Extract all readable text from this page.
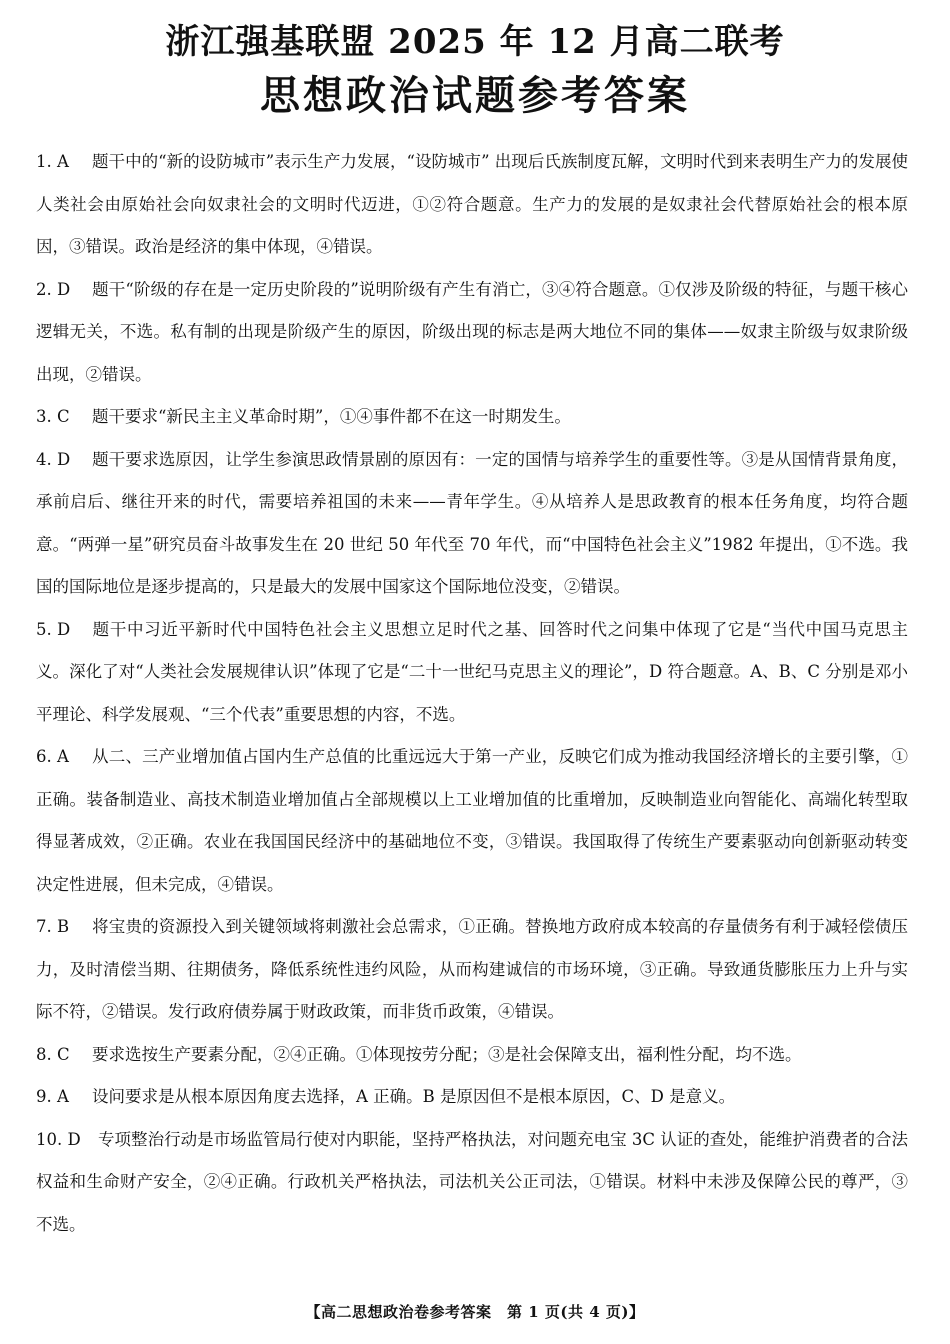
浙江强基联盟 2025 年 12 月高二联考
思想政治试题参考答案

1. A 题干中的“新的设防城市”表示生产力发展，“设防城市” 出现后氏族制度瓦解，文明时代到来表明生产力的发展使人类社会由原始社会向奴隶社会的文明时代迈进，①②符合题意。生产力的发展的是奴隶社会代替原始社会的根本原因，③错误。政治是经济的集中体现，④错误。

2. D 题干“阶级的存在是一定历史阶段的”说明阶级有产生有消亡，③④符合题意。①仅涉及阶级的特征，与题干核心逻辑无关，不选。私有制的出现是阶级产生的原因，阶级出现的标志是两大地位不同的集体——奴隶主阶级与奴隶阶级出现，②错误。

3. C 题干要求“新民主主义革命时期”，①④事件都不在这一时期发生。

4. D 题干要求选原因，让学生参演思政情景剧的原因有：一定的国情与培养学生的重要性等。③是从国情背景角度，承前启后、继往开来的时代，需要培养祖国的未来——青年学生。④从培养人是思政教育的根本任务角度，均符合题意。“两弹一星”研究员奋斗故事发生在 20 世纪 50 年代至 70 年代，而“中国特色社会主义”1982 年提出，①不选。我国的国际地位是逐步提高的，只是最大的发展中国家这个国际地位没变，②错误。

5. D 题干中习近平新时代中国特色社会主义思想立足时代之基、回答时代之问集中体现了它是“当代中国马克思主义。深化了对“人类社会发展规律认识”体现了它是“二十一世纪马克思主义的理论”，D 符合题意。A、B、C 分别是邓小平理论、科学发展观、“三个代表”重要思想的内容，不选。

6. A 从二、三产业增加值占国内生产总值的比重远远大于第一产业，反映它们成为推动我国经济增长的主要引擎，①正确。装备制造业、高技术制造业增加值占全部规模以上工业增加值的比重增加，反映制造业向智能化、高端化转型取得显著成效，②正确。农业在我国国民经济中的基础地位不变，③错误。我国取得了传统生产要素驱动向创新驱动转变决定性进展，但未完成，④错误。

7. B 将宝贵的资源投入到关键领域将刺激社会总需求，①正确。替换地方政府成本较高的存量债务有利于减轻偿债压力，及时清偿当期、往期债务，降低系统性违约风险，从而构建诚信的市场环境，③正确。导致通货膨胀压力上升与实际不符，②错误。发行政府债券属于财政政策，而非货币政策，④错误。

8. C 要求选按生产要素分配，②④正确。①体现按劳分配；③是社会保障支出，福利性分配，均不选。

9. A 设问要求是从根本原因角度去选择，A 正确。B 是原因但不是根本原因，C、D 是意义。

10. D 专项整治行动是市场监管局行使对内职能，坚持严格执法，对问题充电宝 3C 认证的查处，能维护消费者的合法权益和生命财产安全，②④正确。行政机关严格执法，司法机关公正司法，①错误。材料中未涉及保障公民的尊严，③不选。

【高二思想政治卷参考答案　第 1 页(共 4 页)】
